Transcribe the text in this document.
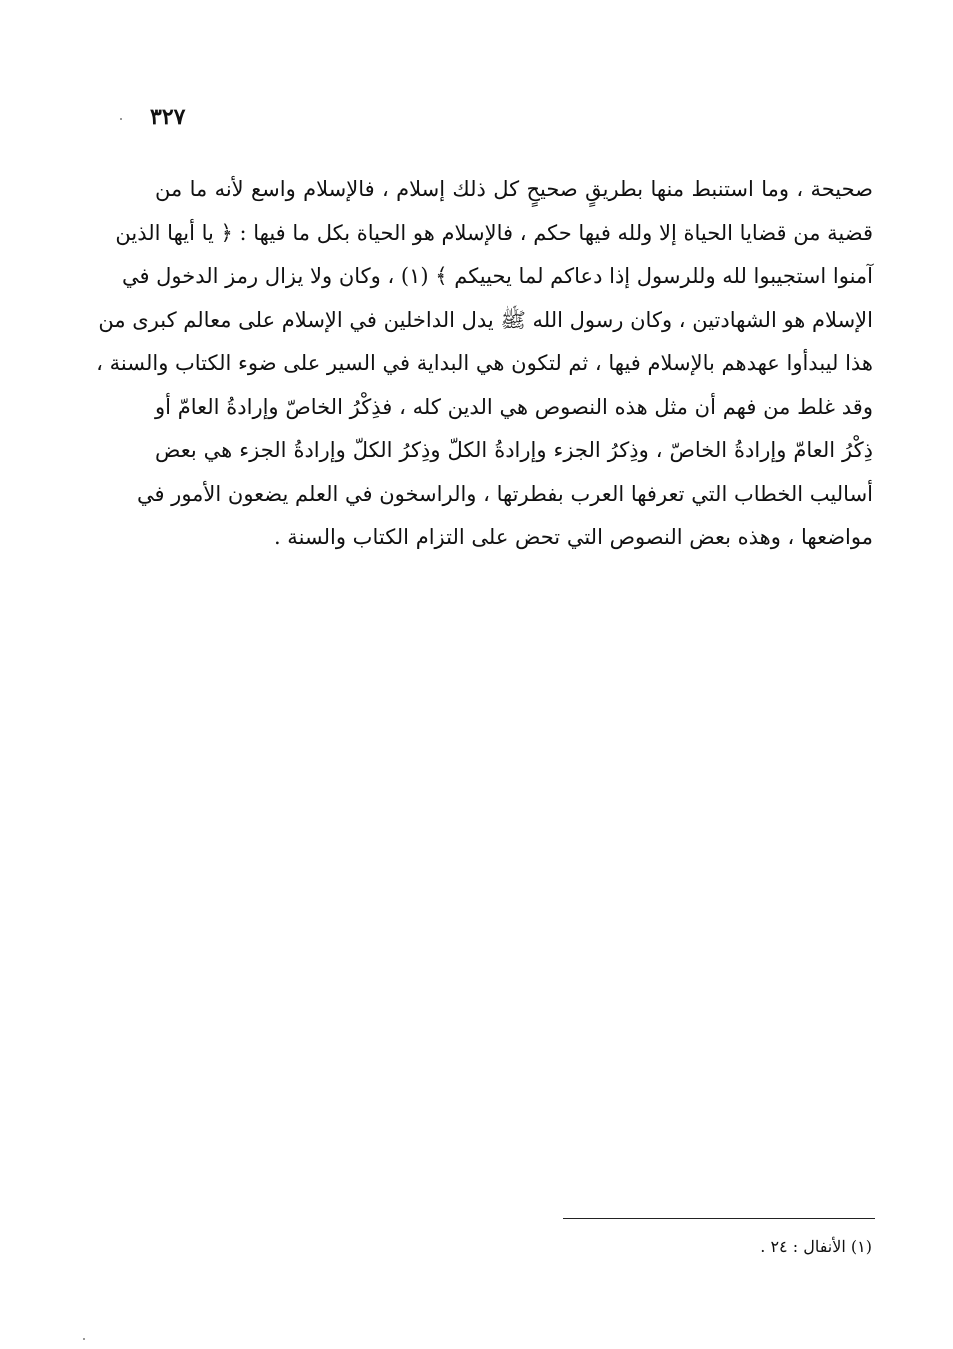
٣٢٧
صحيحة ، وما استنبط منها بطريقٍ صحيحٍ كل ذلك إسلام ، فالإسلام واسع لأنه ما من
قضية من قضايا الحياة إلا ولله فيها حكم ، فالإسلام هو الحياة بكل ما فيها : ﴿ يا أيها الذين
آمنوا استجيبوا لله وللرسول إذا دعاكم لما يحييكم ﴾ (١) ، وكان ولا يزال رمز الدخول في
الإسلام هو الشهادتين ، وكان رسول الله ﷺ يدل الداخلين في الإسلام على معالم كبرى من
هذا ليبدأوا عهدهم بالإسلام فيها ، ثم لتكون هي البداية في السير على ضوء الكتاب والسنة ،
وقد غلط من فهم أن مثل هذه النصوص هي الدين كله ، فذِكْرُ الخاصّ وإرادةُ العامّ أو
ذِكْرُ العامّ وإرادةُ الخاصّ ، وذِكرُ الجزء وإرادةُ الكلّ وذِكرُ الكلّ وإرادةُ الجزء هي بعض
أساليب الخطاب التي تعرفها العرب بفطرتها ، والراسخون في العلم يضعون الأمور في
مواضعها ، وهذه بعض النصوص التي تحض على التزام الكتاب والسنة .
(١) الأنفال : ٢٤ .
